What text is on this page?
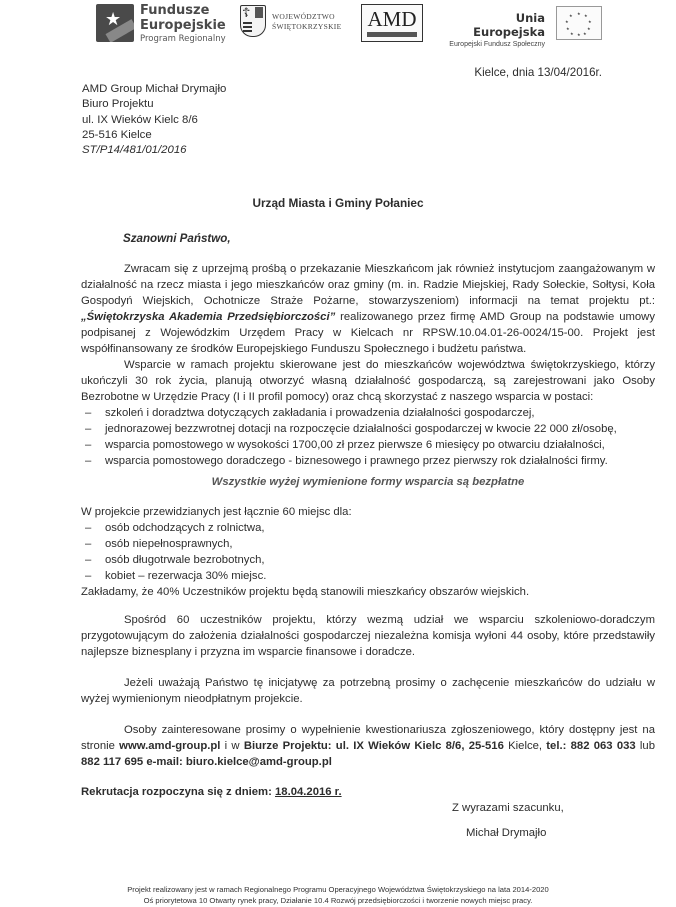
★ Fundusze
Europejskie
Program Regionalny
☦	WOJEWÓDZTWO
ŚWIĘTOKRZYSKIE AMD	Unia Europejska
Europejski Fundusz Społeczny
★ ★
★
★
★
★
★
★
★
★
Kielce, dnia 13/04/2016r.
AMD Group Michał Drymajło
Biuro Projektu
ul. IX Wieków Kielc 8/6
25-516 Kielce
ST/P14/481/01/2016
Urząd Miasta i Gminy Połaniec
Szanowni Państwo,
Zwracam się z uprzejmą prośbą o przekazanie Mieszkańcom jak również instytucjom zaangażowanym w działalność na rzecz miasta i jego mieszkańców oraz gminy (m. in. Radzie Miejskiej, Rady Sołeckie, Sołtysi, Koła Gospodyń Wiejskich, Ochotnicze Straże Pożarne, stowarzyszeniom) informacji na temat projektu pt.: „Świętokrzyska Akademia Przedsiębiorczości” realizowanego przez firmę AMD Group na podstawie umowy podpisanej z Wojewódzkim Urzędem Pracy w Kielcach nr RPSW.10.04.01-26-0024/15-00. Projekt jest współfinansowany ze środków Europejskiego Funduszu Społecznego i budżetu państwa.
Wsparcie w ramach projektu skierowane jest do mieszkańców województwa świętokrzyskiego, którzy ukończyli 30 rok życia, planują otworzyć własną działalność gospodarczą, są zarejestrowani jako Osoby Bezrobotne w Urzędzie Pracy (I i II profil pomocy) oraz chcą skorzystać z naszego wsparcia w postaci:
– szkoleń i doradztwa dotyczących zakładania i prowadzenia działalności gospodarczej,
– jednorazowej bezzwrotnej dotacji na rozpoczęcie działalności gospodarczej w kwocie 22 000 zł/osobę,
– wsparcia pomostowego w wysokości 1700,00 zł przez pierwsze 6 miesięcy po otwarciu działalności,
– wsparcia pomostowego doradczego - biznesowego i prawnego przez pierwszy rok działalności firmy.
Wszystkie wyżej wymienione formy wsparcia są bezpłatne
W projekcie przewidzianych jest łącznie 60 miejsc dla:
– osób odchodzących z rolnictwa,
– osób niepełnosprawnych,
– osób długotrwale bezrobotnych,
– kobiet – rezerwacja 30% miejsc.
Zakładamy, że 40% Uczestników projektu będą stanowili mieszkańcy obszarów wiejskich.
Spośród 60 uczestników projektu, którzy wezmą udział we wsparciu szkoleniowo-doradczym przygotowującym do założenia działalności gospodarczej niezależna komisja wyłoni 44 osoby, które przedstawiły najlepsze biznesplany i przyzna im wsparcie finansowe i doradcze.
Jeżeli uważają Państwo tę inicjatywę za potrzebną prosimy o zachęcenie mieszkańców do udziału w wyżej wymienionym nieodpłatnym projekcie.
Osoby zainteresowane prosimy o wypełnienie kwestionariusza zgłoszeniowego, który dostępny jest na stronie www.amd-group.pl i w Biurze Projektu: ul. IX Wieków Kielc 8/6, 25-516 Kielce, tel.: 882 063 033 lub 882 117 695 e-mail: biuro.kielce@amd-group.pl
Rekrutacja rozpoczyna się z dniem: 18.04.2016 r.
Z wyrazami szacunku,
Michał Drymajło
Projekt realizowany jest w ramach Regionalnego Programu Operacyjnego Województwa Świętokrzyskiego na lata 2014-2020
Oś priorytetowa 10 Otwarty rynek pracy, Działanie 10.4 Rozwój przedsiębiorczości i tworzenie nowych miejsc pracy.
